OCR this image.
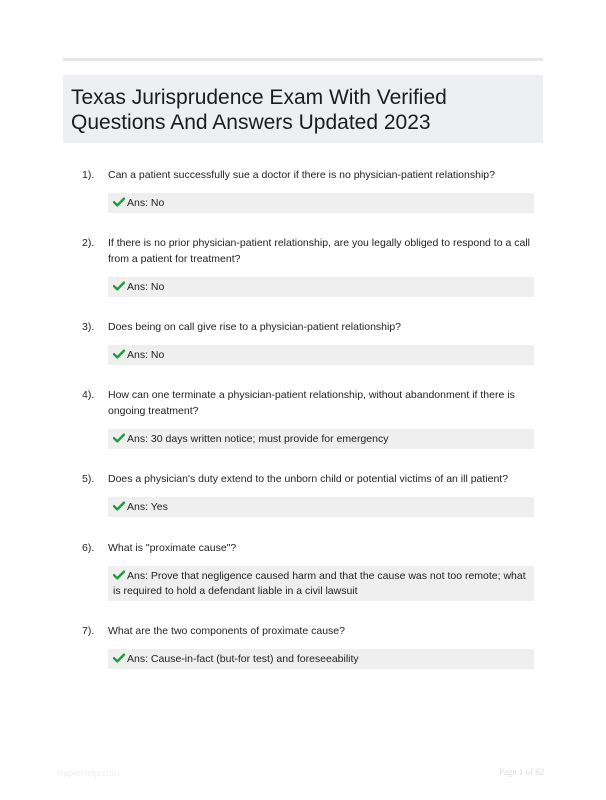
Texas Jurisprudence Exam With Verified Questions And Answers Updated 2023
1).	Can a patient successfully sue a doctor if there is no physician-patient relationship?
Ans: No
2).	If there is no prior physician-patient relationship, are you legally obliged to respond to a call from a patient for treatment?
Ans: No
3).	Does being on call give rise to a physician-patient relationship?
Ans: No
4).	How can one terminate a physician-patient relationship, without abandonment if there is ongoing treatment?
Ans: 30 days written notice; must provide for emergency
5).	Does a physician's duty extend to the unborn child or potential victims of an ill patient?
Ans: Yes
6).	What is "proximate cause"?
Ans: Prove that negligence caused harm and that the cause was not too remote; what is required to hold a defendant liable in a civil lawsuit
7).	What are the two components of proximate cause?
Ans: Cause-in-fact (but-for test) and foreseeability
PaperHelp.com	Page 1 of 62
